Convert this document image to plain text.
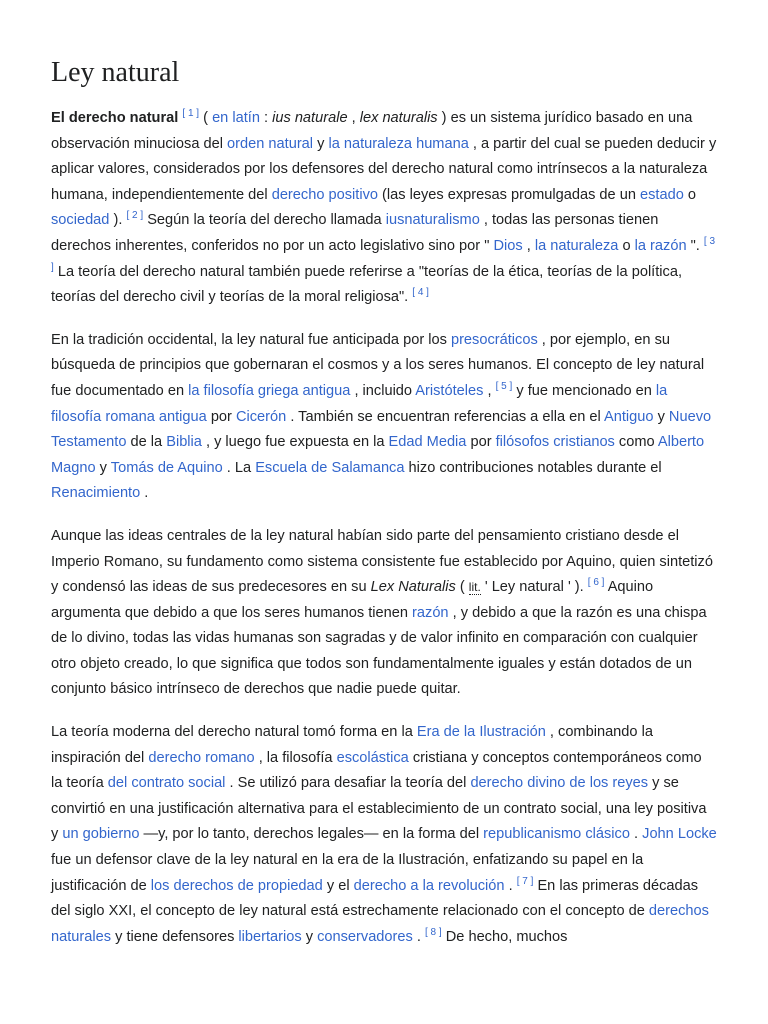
Ley natural

El derecho natural [ 1 ] ( en latín : ius naturale , lex naturalis ) es un sistema jurídico basado en una observación minuciosa del orden natural y la naturaleza humana , a partir del cual se pueden deducir y aplicar valores, considerados por los defensores del derecho natural como intrínsecos a la naturaleza humana, independientemente del derecho positivo (las leyes expresas promulgadas de un estado o sociedad ). [ 2 ] Según la teoría del derecho llamada iusnaturalismo , todas las personas tienen derechos inherentes, conferidos no por un acto legislativo sino por " Dios , la naturaleza o la razón ". [ 3 ] La teoría del derecho natural también puede referirse a "teorías de la ética, teorías de la política, teorías del derecho civil y teorías de la moral religiosa". [ 4 ]

En la tradición occidental, la ley natural fue anticipada por los presocráticos , por ejemplo, en su búsqueda de principios que gobernaran el cosmos y a los seres humanos. El concepto de ley natural fue documentado en la filosofía griega antigua , incluido Aristóteles , [ 5 ] y fue mencionado en la filosofía romana antigua por Cicerón . También se encuentran referencias a ella en el Antiguo y Nuevo Testamento de la Biblia , y luego fue expuesta en la Edad Media por filósofos cristianos como Alberto Magno y Tomás de Aquino . La Escuela de Salamanca hizo contribuciones notables durante el Renacimiento .

Aunque las ideas centrales de la ley natural habían sido parte del pensamiento cristiano desde el Imperio Romano, su fundamento como sistema consistente fue establecido por Aquino, quien sintetizó y condensó las ideas de sus predecesores en su Lex Naturalis ( lit. ' Ley natural ' ). [ 6 ] Aquino argumenta que debido a que los seres humanos tienen razón , y debido a que la razón es una chispa de lo divino, todas las vidas humanas son sagradas y de valor infinito en comparación con cualquier otro objeto creado, lo que significa que todos son fundamentalmente iguales y están dotados de un conjunto básico intrínseco de derechos que nadie puede quitar.

La teoría moderna del derecho natural tomó forma en la Era de la Ilustración , combinando la inspiración del derecho romano , la filosofía escolástica cristiana y conceptos contemporáneos como la teoría del contrato social . Se utilizó para desafiar la teoría del derecho divino de los reyes y se convirtió en una justificación alternativa para el establecimiento de un contrato social, una ley positiva y un gobierno —y, por lo tanto, derechos legales— en la forma del republicanismo clásico . John Locke fue un defensor clave de la ley natural en la era de la Ilustración, enfatizando su papel en la justificación de los derechos de propiedad y el derecho a la revolución . [ 7 ] En las primeras décadas del siglo XXI, el concepto de ley natural está estrechamente relacionado con el concepto de derechos naturales y tiene defensores libertarios y conservadores . [ 8 ] De hecho, muchos
